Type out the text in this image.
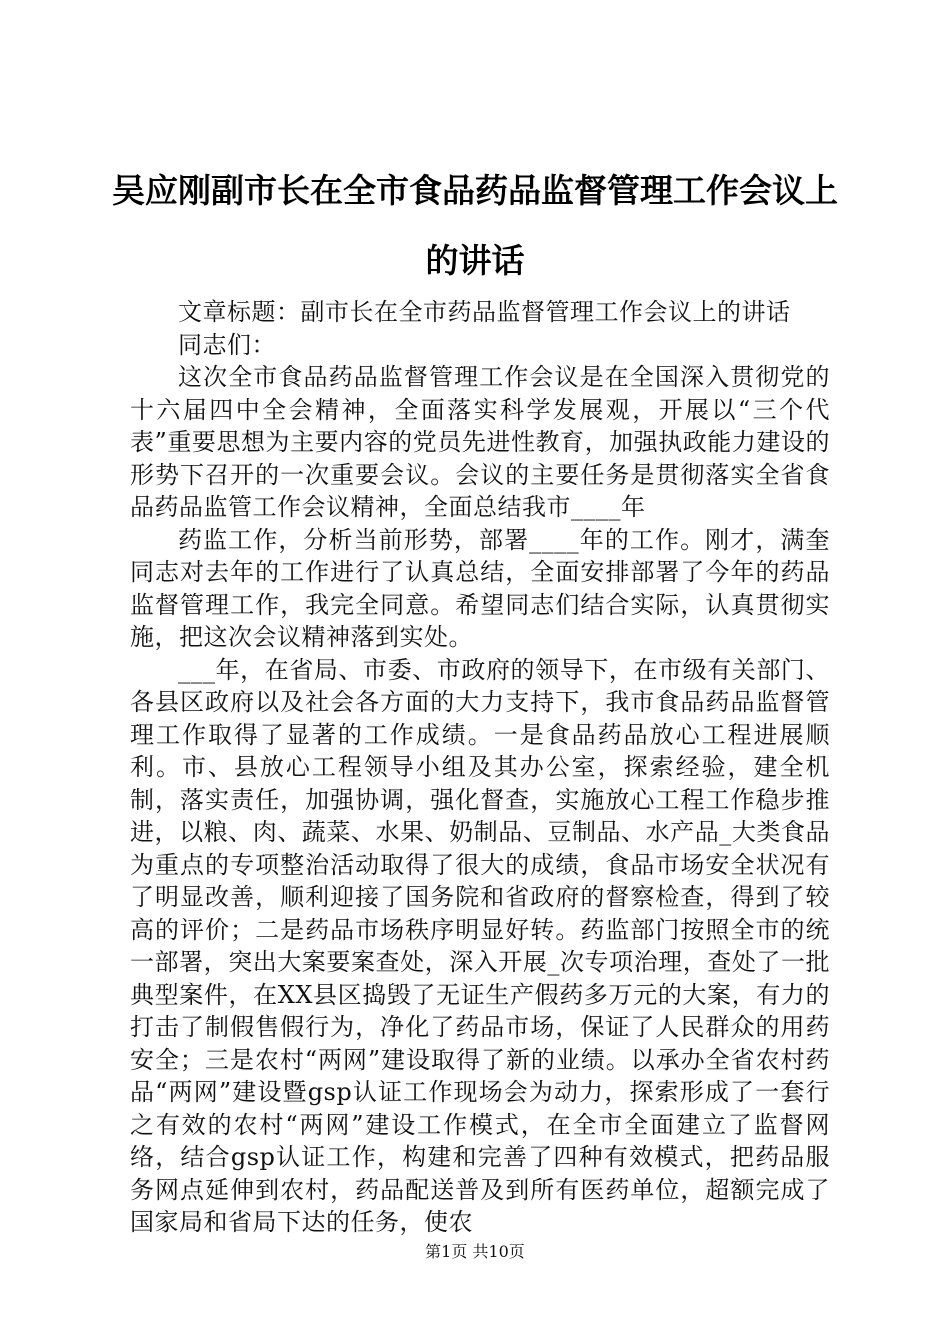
吴应刚副市长在全市食品药品监督管理工作会议上的讲话

文章标题：副市长在全市药品监督管理工作会议上的讲话

同志们：

这次全市食品药品监督管理工作会议是在全国深入贯彻党的十六届四中全会精神，全面落实科学发展观，开展以“三个代表”重要思想为主要内容的党员先进性教育，加强执政能力建设的形势下召开的一次重要会议。会议的主要任务是贯彻落实全省食品药品监管工作会议精神，全面总结我市____年

药监工作，分析当前形势，部署____年的工作。刚才，满奎同志对去年的工作进行了认真总结，全面安排部署了今年的药品监督管理工作，我完全同意。希望同志们结合实际，认真贯彻实施，把这次会议精神落到实处。

___年，在省局、市委、市政府的领导下，在市级有关部门、各县区政府以及社会各方面的大力支持下，我市食品药品监督管理工作取得了显著的工作成绩。一是食品药品放心工程进展顺利。市、县放心工程领导小组及其办公室，探索经验，建全机制，落实责任，加强协调，强化督查，实施放心工程工作稳步推进，以粮、肉、蔬菜、水果、奶制品、豆制品、水产品_大类食品为重点的专项整治活动取得了很大的成绩，食品市场安全状况有了明显改善，顺利迎接了国务院和省政府的督察检查，得到了较高的评价；二是药品市场秩序明显好转。药监部门按照全市的统一部署，突出大案要案查处，深入开展_次专项治理，查处了一批典型案件，在XX县区捣毁了无证生产假药多万元的大案，有力的打击了制假售假行为，净化了药品市场，保证了人民群众的用药安全；三是农村“两网”建设取得了新的业绩。以承办全省农村药品“两网”建设暨gsp认证工作现场会为动力，探索形成了一套行之有效的农村“两网”建设工作模式，在全市全面建立了监督网络，结合gsp认证工作，构建和完善了四种有效模式，把药品服务网点延伸到农村，药品配送普及到所有医药单位，超额完成了国家局和省局下达的任务，使农

第1页 共10页
